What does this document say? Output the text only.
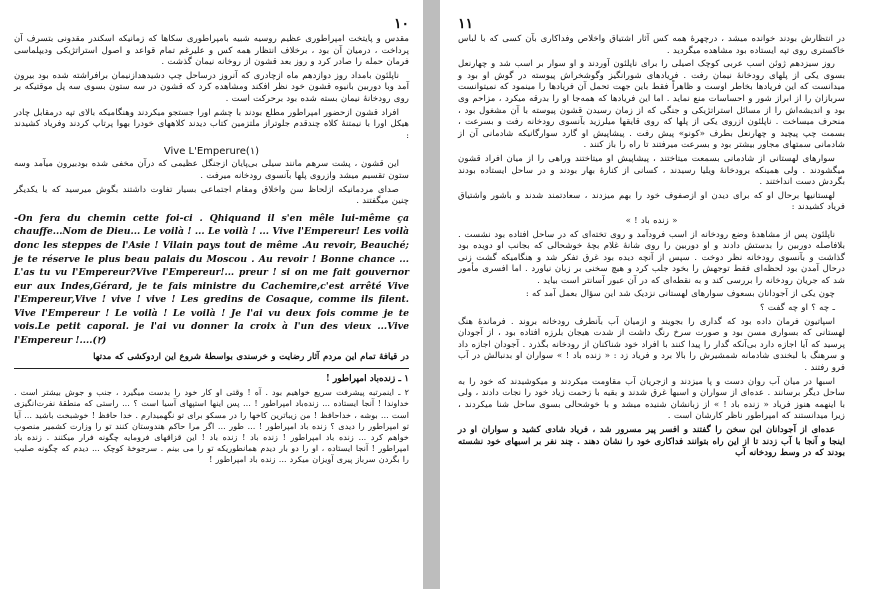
۱۰

مقدس و پایتخت امپراطوری عظیم روسیه شبیه بامپراطوری سکاها که زمانیکه اسکندر مقدونی بتسرف آن پرداخت ، درمیان آن بود ، برخلاف انتظار همه کس و علیرغم تمام قواعد و اصول استراتژیکی ودیپلماسی فرمان حمله را صادر کرد و روز بعد قشون از روخانه نیمان گذشت .

ناپلئون بامداد روز دوازدهم ماه ازچادری که آنروز درساحل چپ دشیدهدازنیمان برافراشته شده بود بیرون آمد وبا دوربین بانیوه قشون خود نظر افکند ومشاهده کرد که قشون در سه ستون بسوی سه پل موقتیکه بر روی رودخانهٔ نیمان بسته شده بود برحرکت است .

افراد قشون ازحضور امپراطور مطلع بودند با چشم اورا جستجو میکردند وهنگامیکه بالای تپه درمقابل چادر هیکل اورا با نیمتنهٔ کلاه چندقدم جلوتراز ملتزمین کتاب دیدند کلاههای خودرا بهوا پرتاپ کردند وفریاد کشیدند :

Vive L'Emperure(۱)

این قشون ، پشت سرهم مانند سیلی بی‌پایان ازجنگل عظیمی که درآن مخفی شده بودبیرون میآمد وسه ستون تقسیم میشد وازروی پلها بآنسوی رودخانه میرفت .

صدای مردمانیکه ازلحاظ سن واخلاق ومقام اجتماعی بسیار تفاوت داشتند بگوش میرسید که با یکدیگر چنین میگفتند .

-On fera du chemin cette foi-ci . Qhiquand il s'en mêle lui-même ça chauffe...Nom de Dieu... Le voilà ! ... Le voilà ! ... Vive l'Empereur! Les voilà donc les steppes de l'Asie ! Vilain pays tout de même .Au revoir, Beauché; je te réserve le plus beau palais du Moscou . Au revoir ! Bonne chance ... L'as tu vu l'Empereur?Vive l'Empereur!... preur ! si on me fait gouvernor eur aux Indes,Gérard, je te fais ministre du Cachemire,c'est arrêté Vive l'Empereur,Vive ! vive ! vive ! Les gredins de Cosaque, comme ils filent. Vive l'Empereur ! Le voilà ! Le voilà ! Je l'ai vu deux fois comme je te vois.Le petit caporal. je l'ai vu donner la croix à l'un des vieux ...Vive l'Empereur !....(۲)

در قیافهٔ تمام این مردم آثار رضایت و خرسندی بواسطهٔ شروع این اردوکشی که مدتها

۱ ـ زنده‌باد امپراطور !

۲ ـ اینمرتبه پیشرفت سریع خواهیم بود . آه ! وقتی او کار خود را بدست میگیرد ، جنب و جوش بیشتر است . خداوندا ! آنجا ایستاده ... زنده‌باد امپراطور ! ... پس اینها استپهای آسیا است ؟ ... راستی که منطقهٔ نفرت‌انگیزی است ... بوشه ، خداحافظ ! من زیباترین کاخها را در مسکو برای تو نگهمیدارم . خدا حافظ ! خوشبخت باشید ... آیا تو امپراطور را دیدی ؟ زنده باد امپراطور ! ... طور ... اگر مرا حاکم هندوستان کنند تو را وزارت کشمیر منصوب خواهم کرد ... زنده باد امپراطور ! زنده باد ! زنده باد ! این قزاقهای فرومایه چگونه فرار میکنند . زنده باد امپراطور ! آنجا ایستاده ، او را دو بار دیدم همانطوریکه تو را می بینم . سرجوخهٔ کوچک ... دیدم که چگونه صلیب را بگردن سرباز پیری آویزان میکرد ... زنده باد امپراطور !

۱۱

در انتظارش بودند خوانده میشد ، درچهرهٔ همه کس آثار اشتیاق واخلاص وفداکاری بآن کسی که با لباس خاکستری روی تپه ایستاده بود مشاهده میگردید .

روز سیزدهم ژوئن اسب عربی کوچک اصیلی را برای ناپلئون آوردند و او سوار بر اسب شد و چهارنعل بسوی یکی از پلهای رودخانهٔ نیمان رفت . فریادهای شورانگیز وگوشخراش پیوسته در گوش او بود و میدانست که این فریادها بخاطر اوست و ظاهراً فقط باین جهت تحمل آن فریادها را مینمود که نمیتوانست سربازان را از ابراز شور و احساسات منع نماید . اما این فریادها که همه‌جا او را بدرقه میکرد ، مزاحم وی بود و اندیشه‌اش را از مسائل استراتژیکی و جنگی که از زمان رسیدن قشون پیوسته با آن مشغول بود ، منحرف میساخت . ناپلئون ازروی یکی از پلها که روی قایقها میلرزید بآنسوی رودخانه رفت و بسرعت ، بسمت چپ پیچید و چهارنعل بطرف «کونو» پیش رفت . پیشاپیش او گارد سوارگانیکه شادمانی آن از شادمانی سمتهای مجاور بیشتر بود و بسرعت میرفتند تا راه را باز کنند .

سوارهای لهستانی از شادمانی بسمعت میتاختند ، پیشاپیش او میتاختند وراهی را از میان افراد قشون میگشودند . ولی همینکه برودخانهٔ ویلیا رسیدند ، کسانی از کنارهٔ بهار بودند و در ساحل ایستاده بودند بگردش دست انداختند .

لهستانیها برحال او که برای دیدن او ازصفوف خود را بهم میزدند ، سعادتمند شدند و باشور واشتیاق فریاد کشیدند :

« زنده باد ! »

ناپلئون پس از مشاهدهٔ وضع رودخانه از اسب فرودآمد و روی تخته‌ای که در ساحل افتاده بود نشست . بلافاصله دوربین را بدستش دادند و او دوربین را روی شانهٔ غلام بچهٔ خوشحالی که بجانب او دویده بود گذاشت و بآنسوی رودخانه نظر دوخت . سپس از آنچه دیده بود غرق تفکر شد و هنگامیکه گشت زنی درحال آمدن بود لحظه‌ای فقط توجهش را بخود جلب کرد و هیچ سخنی بر زبان نیاورد . اما افسری مأمور شد که جریان رودخانه را بررسی کند و به نقطه‌ای که در آن عبور آسانتر است بیاید .

چون یکی از آجودانان بسعوف سوارهای لهستانی نزدیک شد این سؤال بعمل آمد که :

ـ چه ؟ او چه گفت ؟

اسپاتیون فرمان داده بود که گداری را بجویند و ازمیان آب بآنطرف رودخانه بروند . فرماندهٔ هنگ لهستانی که بسواری مسن بود و صورت سرخ رنگ داشت از شدت هیجان بلرزه افتاده بود ، از آجودان پرسید که آیا اجازه دارد بی‌آنکه گدار را پیدا کنند با افراد خود شناکنان از رودخانه بگذرد . آجودان اجازه داد و سرهنگ با لبخندی شادمانه شمشیرش را بالا برد و فریاد زد : « زنده باد ! » سواران او بدنبالش در آب فرو رفتند .

اسبها در میان آب روان دست و پا میزدند و ازجریان آب مقاومت میکردند و میکوشیدند که خود را به ساحل دیگر برسانند . عده‌ای از سواران و اسبها غرق شدند و بقیه با زحمت زیاد خود را نجات دادند ، ولی با اینهمه هنوز فریاد « زنده باد ! » از زبانشان شنیده میشد و با خوشحالی بسوی ساحل شنا میکردند ، زیرا میدانستند که امپراطور ناظر کارشان است .

عده‌ای از آجودانان این سخن را گفتند و افسر پیر مسرور شد ، فریاد شادی کشید و سواران او در اینجا و آنجا با آب زدند تا از این راه بتوانند فداکاری خود را نشان دهند . چند نفر بر اسبهای خود نشسته بودند که در وسط رودخانه آب
